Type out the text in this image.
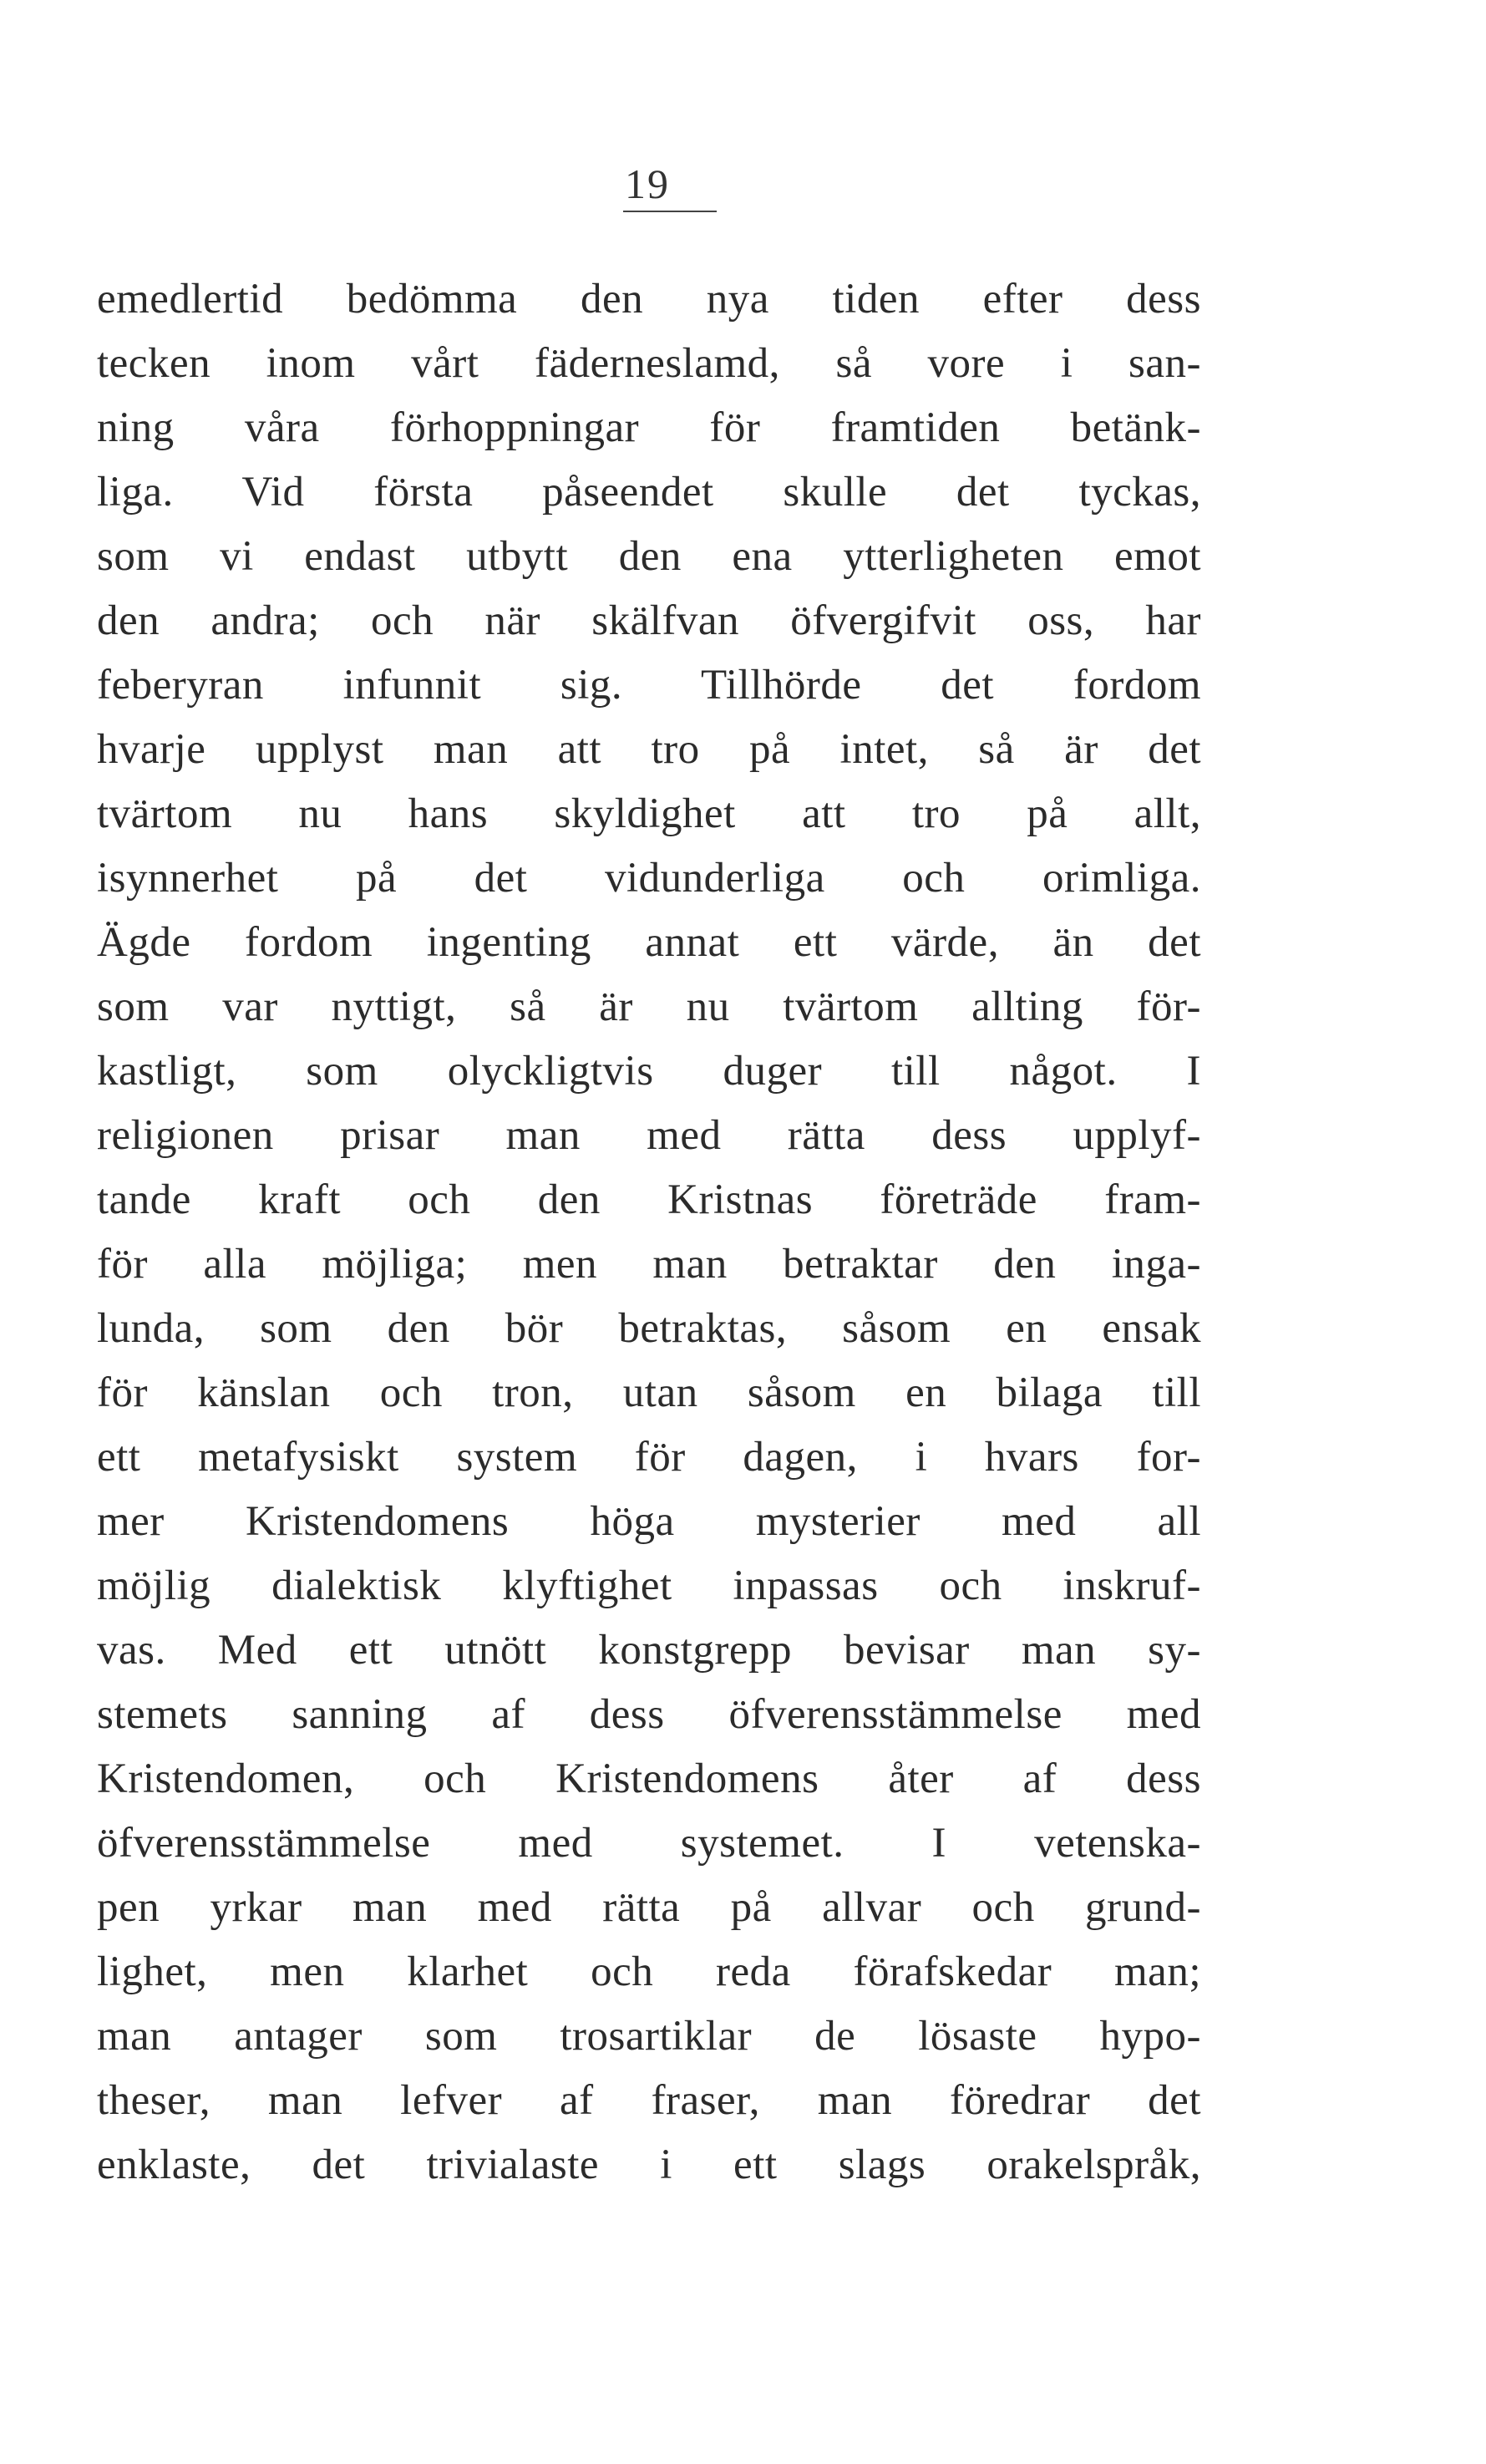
19
emedlertid bedömma den nya tiden efter dess
tecken inom vårt fäderneslamd, så vore i san-
ning våra förhoppningar för framtiden betänk-
liga. Vid första påseendet skulle det tyckas,
som vi endast utbytt den ena ytterligheten emot
den andra; och när skälfvan öfvergifvit oss, har
feberyran infunnit sig. Tillhörde det fordom
hvarje upplyst man att tro på intet, så är det
tvärtom nu hans skyldighet att tro på allt,
isynnerhet på det vidunderliga och orimliga.
Ägde fordom ingenting annat ett värde, än det
som var nyttigt, så är nu tvärtom allting för-
kastligt, som olyckligtvis duger till något. I
religionen prisar man med rätta dess upplyf-
tande kraft och den Kristnas företräde fram-
för alla möjliga; men man betraktar den inga-
lunda, som den bör betraktas, såsom en ensak
för känslan och tron, utan såsom en bilaga till
ett metafysiskt system för dagen, i hvars for-
mer Kristendomens höga mysterier med all
möjlig dialektisk klyftighet inpassas och inskruf-
vas. Med ett utnött konstgrepp bevisar man sy-
stemets sanning af dess öfverensstämmelse med
Kristendomen, och Kristendomens åter af dess
öfverensstämmelse med systemet. I vetenska-
pen yrkar man med rätta på allvar och grund-
lighet, men klarhet och reda förafskedar man;
man antager som trosartiklar de lösaste hypo-
theser, man lefver af fraser, man föredrar det
enklaste, det trivialaste i ett slags orakelspråk,
